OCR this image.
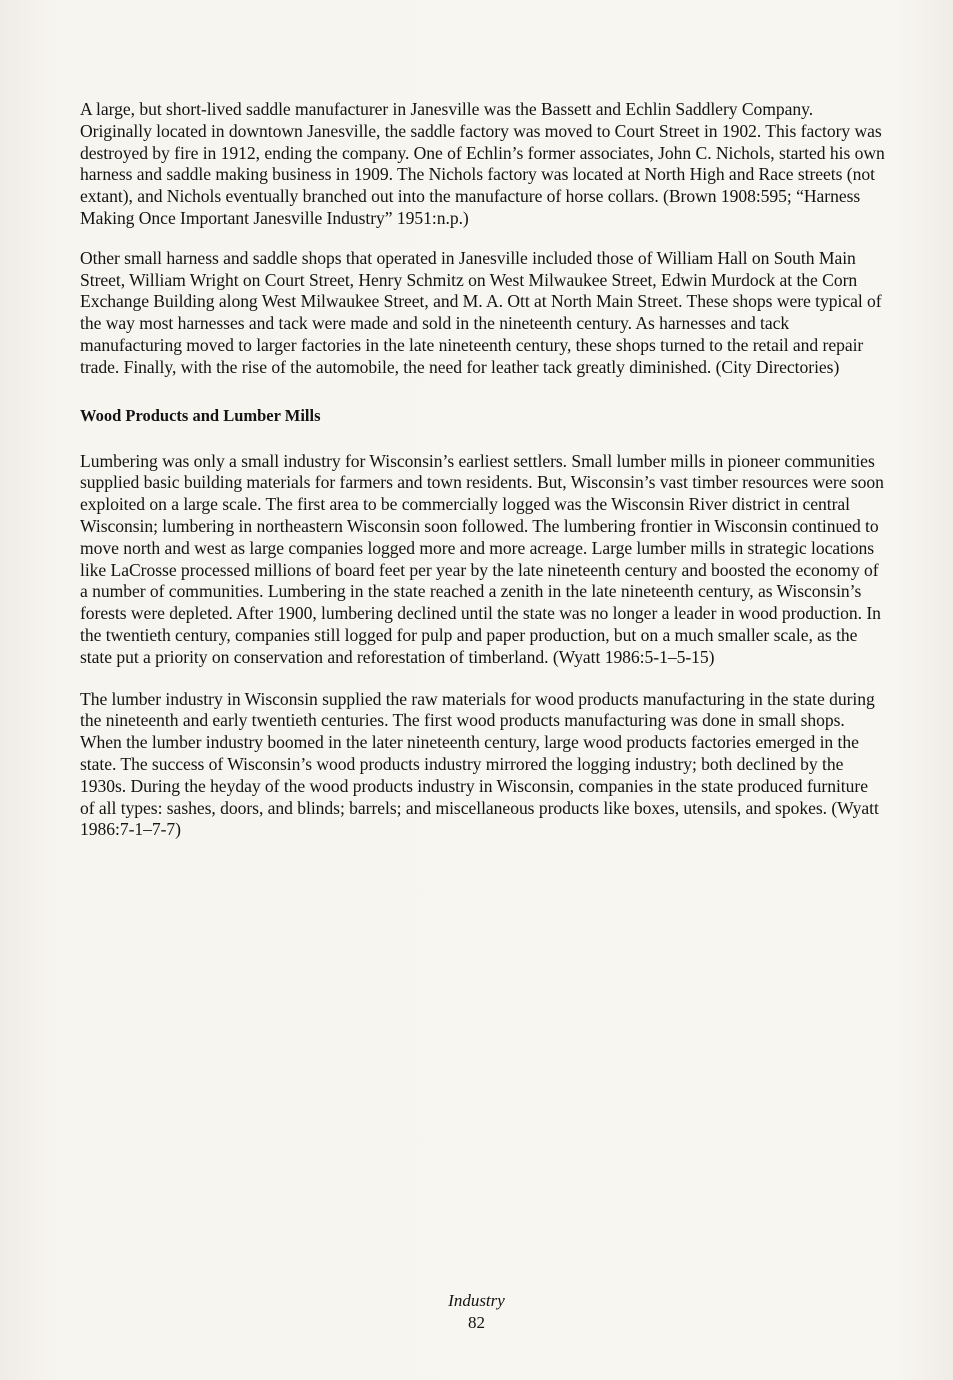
A large, but short-lived saddle manufacturer in Janesville was the Bassett and Echlin Saddlery Company. Originally located in downtown Janesville, the saddle factory was moved to Court Street in 1902. This factory was destroyed by fire in 1912, ending the company. One of Echlin’s former associates, John C. Nichols, started his own harness and saddle making business in 1909. The Nichols factory was located at North High and Race streets (not extant), and Nichols eventually branched out into the manufacture of horse collars. (Brown 1908:595; “Harness Making Once Important Janesville Industry” 1951:n.p.)

Other small harness and saddle shops that operated in Janesville included those of William Hall on South Main Street, William Wright on Court Street, Henry Schmitz on West Milwaukee Street, Edwin Murdock at the Corn Exchange Building along West Milwaukee Street, and M. A. Ott at North Main Street. These shops were typical of the way most harnesses and tack were made and sold in the nineteenth century. As harnesses and tack manufacturing moved to larger factories in the late nineteenth century, these shops turned to the retail and repair trade. Finally, with the rise of the automobile, the need for leather tack greatly diminished. (City Directories)

Wood Products and Lumber Mills

Lumbering was only a small industry for Wisconsin’s earliest settlers. Small lumber mills in pioneer communities supplied basic building materials for farmers and town residents. But, Wisconsin’s vast timber resources were soon exploited on a large scale. The first area to be commercially logged was the Wisconsin River district in central Wisconsin; lumbering in northeastern Wisconsin soon followed. The lumbering frontier in Wisconsin continued to move north and west as large companies logged more and more acreage. Large lumber mills in strategic locations like LaCrosse processed millions of board feet per year by the late nineteenth century and boosted the economy of a number of communities. Lumbering in the state reached a zenith in the late nineteenth century, as Wisconsin’s forests were depleted. After 1900, lumbering declined until the state was no longer a leader in wood production. In the twentieth century, companies still logged for pulp and paper production, but on a much smaller scale, as the state put a priority on conservation and reforestation of timberland. (Wyatt 1986:5-1–5-15)

The lumber industry in Wisconsin supplied the raw materials for wood products manufacturing in the state during the nineteenth and early twentieth centuries. The first wood products manufacturing was done in small shops. When the lumber industry boomed in the later nineteenth century, large wood products factories emerged in the state. The success of Wisconsin’s wood products industry mirrored the logging industry; both declined by the 1930s. During the heyday of the wood products industry in Wisconsin, companies in the state produced furniture of all types: sashes, doors, and blinds; barrels; and miscellaneous products like boxes, utensils, and spokes. (Wyatt 1986:7-1–7-7)

Industry
82
